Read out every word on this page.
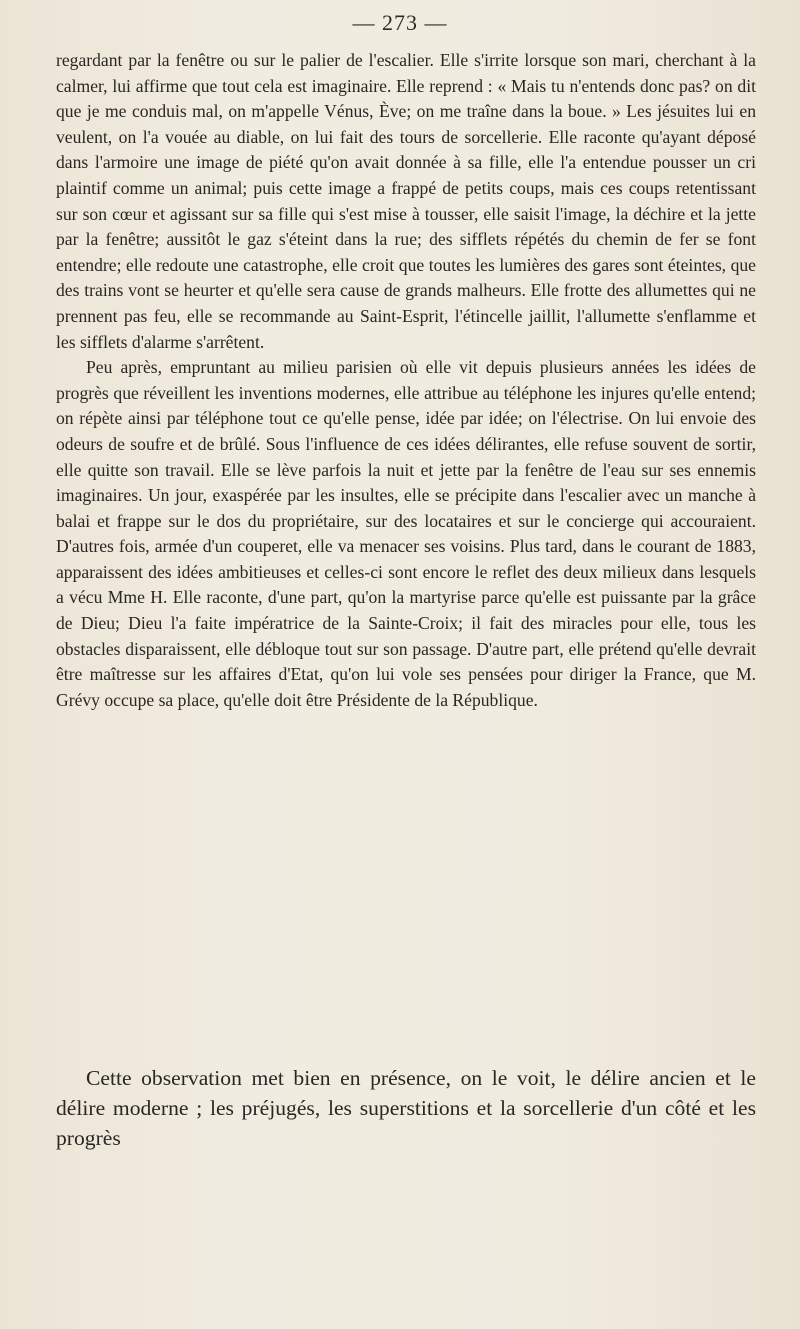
— 273 —

regardant par la fenêtre ou sur le palier de l'escalier. Elle s'irrite lorsque son mari, cherchant à la calmer, lui affirme que tout cela est imaginaire. Elle reprend : « Mais tu n'entends donc pas? on dit que je me conduis mal, on m'appelle Vénus, Ève; on me traîne dans la boue. » Les jésuites lui en veulent, on l'a vouée au diable, on lui fait des tours de sorcellerie. Elle raconte qu'ayant déposé dans l'armoire une image de piété qu'on avait donnée à sa fille, elle l'a entendue pousser un cri plaintif comme un animal; puis cette image a frappé de petits coups, mais ces coups retentissant sur son cœur et agissant sur sa fille qui s'est mise à tousser, elle saisit l'image, la déchire et la jette par la fenêtre; aussitôt le gaz s'éteint dans la rue; des sifflets répétés du chemin de fer se font entendre; elle redoute une catastrophe, elle croit que toutes les lumières des gares sont éteintes, que des trains vont se heurter et qu'elle sera cause de grands malheurs. Elle frotte des allumettes qui ne prennent pas feu, elle se recommande au Saint-Esprit, l'étincelle jaillit, l'allumette s'enflamme et les sifflets d'alarme s'arrêtent.

Peu après, empruntant au milieu parisien où elle vit depuis plusieurs années les idées de progrès que réveillent les inventions modernes, elle attribue au téléphone les injures qu'elle entend; on répète ainsi par téléphone tout ce qu'elle pense, idée par idée; on l'électrise. On lui envoie des odeurs de soufre et de brûlé. Sous l'influence de ces idées délirantes, elle refuse souvent de sortir, elle quitte son travail. Elle se lève parfois la nuit et jette par la fenêtre de l'eau sur ses ennemis imaginaires. Un jour, exaspérée par les insultes, elle se précipite dans l'escalier avec un manche à balai et frappe sur le dos du propriétaire, sur des locataires et sur le concierge qui accouraient. D'autres fois, armée d'un couperet, elle va menacer ses voisins. Plus tard, dans le courant de 1883, apparaissent des idées ambitieuses et celles-ci sont encore le reflet des deux milieux dans lesquels a vécu Mme H. Elle raconte, d'une part, qu'on la martyrise parce qu'elle est puissante par la grâce de Dieu; Dieu l'a faite impératrice de la Sainte-Croix; il fait des miracles pour elle, tous les obstacles disparaissent, elle débloque tout sur son passage. D'autre part, elle prétend qu'elle devrait être maîtresse sur les affaires d'Etat, qu'on lui vole ses pensées pour diriger la France, que M. Grévy occupe sa place, qu'elle doit être Présidente de la République.

Cette observation met bien en présence, on le voit, le délire ancien et le délire moderne ; les préjugés, les superstitions et la sorcellerie d'un côté et les progrès
